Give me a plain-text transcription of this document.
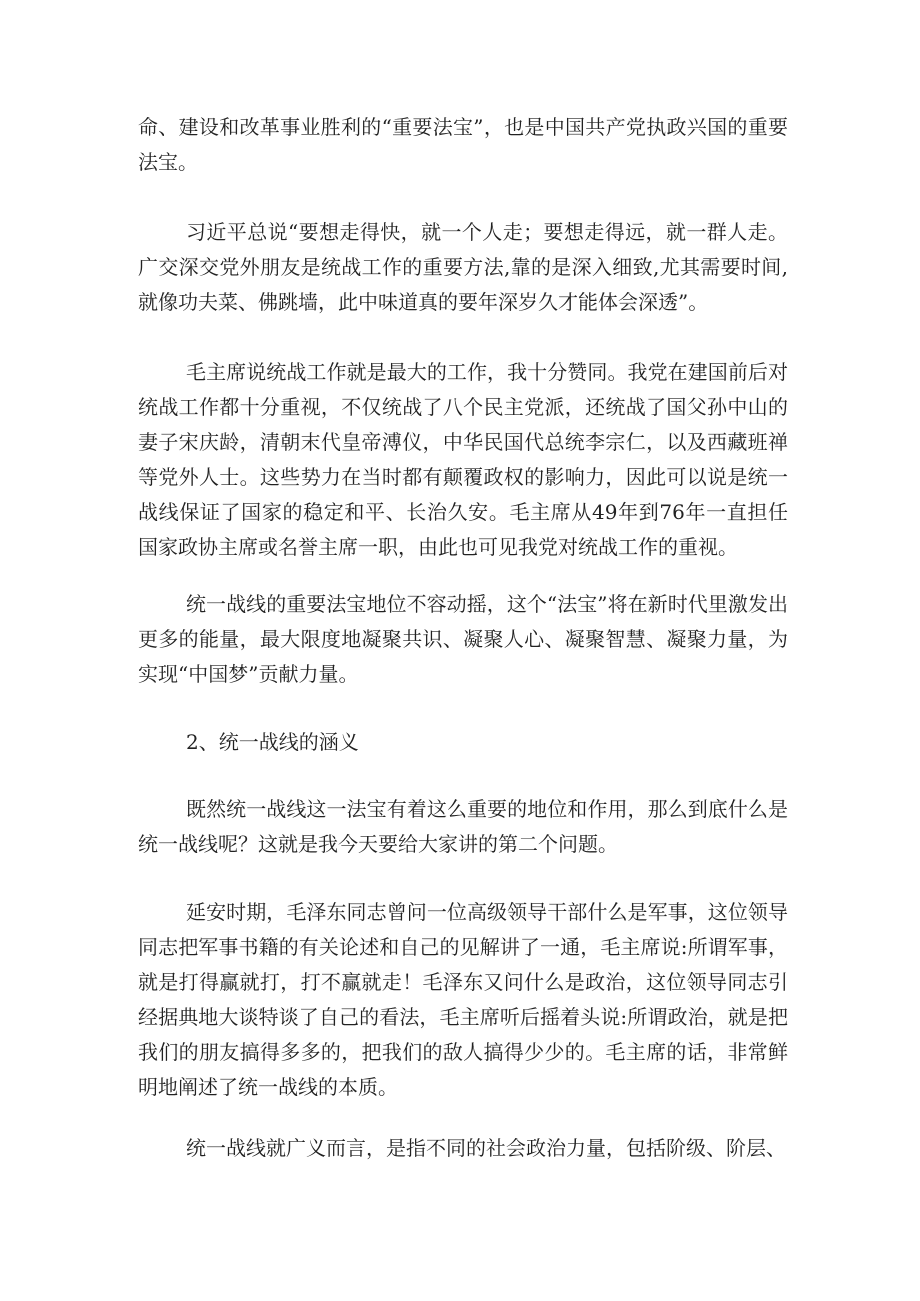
命、建设和改革事业胜利的“重要法宝”，也是中国共产党执政兴国的重要法宝。

习近平总说“要想走得快，就一个人走；要想走得远，就一群人走。广交深交党外朋友是统战工作的重要方法,靠的是深入细致,尤其需要时间,就像功夫菜、佛跳墙，此中味道真的要年深岁久才能体会深透”。

毛主席说统战工作就是最大的工作，我十分赞同。我党在建国前后对统战工作都十分重视，不仅统战了八个民主党派，还统战了国父孙中山的妻子宋庆龄，清朝末代皇帝溥仪，中华民国代总统李宗仁，以及西藏班禅等党外人士。这些势力在当时都有颠覆政权的影响力，因此可以说是统一战线保证了国家的稳定和平、长治久安。毛主席从49年到76年一直担任国家政协主席或名誉主席一职，由此也可见我党对统战工作的重视。

统一战线的重要法宝地位不容动摇，这个“法宝”将在新时代里激发出更多的能量，最大限度地凝聚共识、凝聚人心、凝聚智慧、凝聚力量，为实现“中国梦”贡献力量。

2、统一战线的涵义

既然统一战线这一法宝有着这么重要的地位和作用，那么到底什么是统一战线呢？这就是我今天要给大家讲的第二个问题。

延安时期，毛泽东同志曾问一位高级领导干部什么是军事，这位领导同志把军事书籍的有关论述和自己的见解讲了一通，毛主席说:所谓军事，就是打得赢就打，打不赢就走！毛泽东又问什么是政治，这位领导同志引经据典地大谈特谈了自己的看法，毛主席听后摇着头说:所谓政治，就是把我们的朋友搞得多多的，把我们的敌人搞得少少的。毛主席的话，非常鲜明地阐述了统一战线的本质。

统一战线就广义而言，是指不同的社会政治力量，包括阶级、阶层、
